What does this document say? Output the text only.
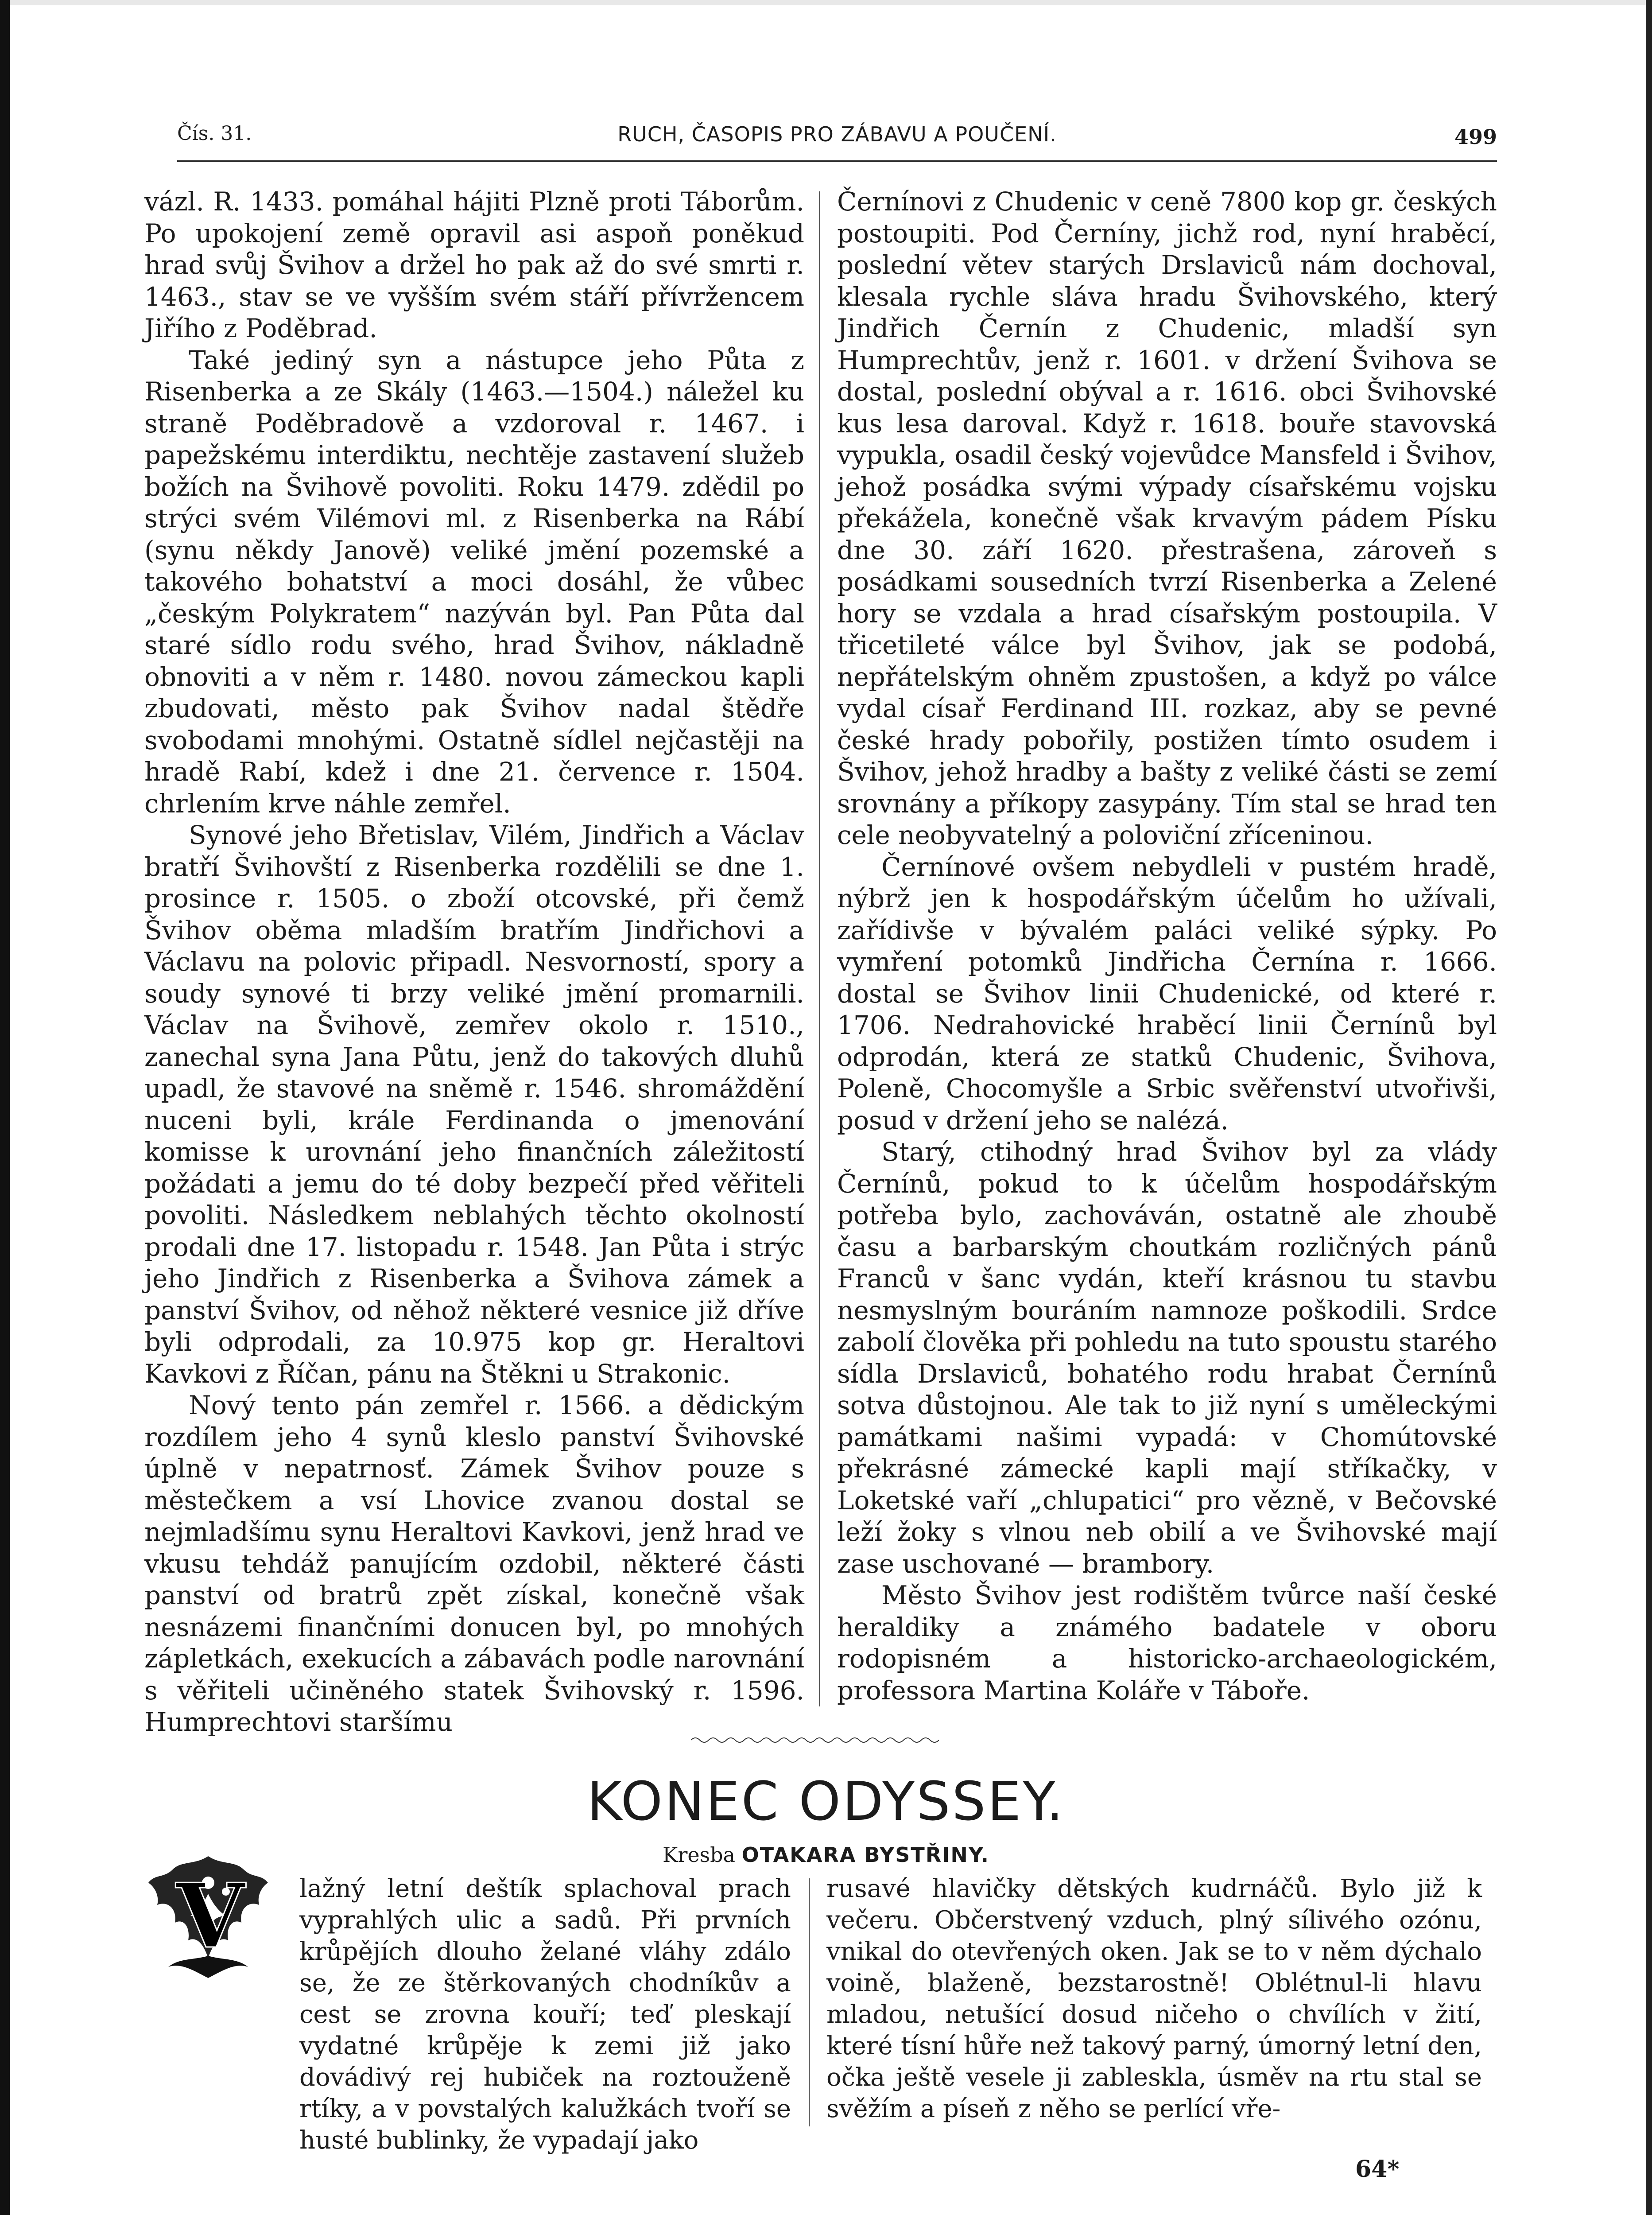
Čís. 31.	RUCH, ČASOPIS PRO ZÁBAVU A POUČENÍ.	499

vázl. R. 1433. pomáhal hájiti Plzně proti Táborům. Po upokojení země opravil asi aspoň poněkud hrad svůj Švihov a držel ho pak až do své smrti r. 1463., stav se ve vyšším svém stáří přívržencem Jiřího z Poděbrad.

Také jediný syn a nástupce jeho Půta z Risenberka a ze Skály (1463.—1504.) náležel ku straně Poděbradově a vzdoroval r. 1467. i papežskému interdiktu, nechtěje zastavení služeb božích na Švihově povoliti. Roku 1479. zdědil po strýci svém Vilémovi ml. z Risenberka na Rábí (synu někdy Janově) veliké jmění pozemské a takového bohatství a moci dosáhl, že vůbec „českým Polykratem“ nazýván byl. Pan Půta dal staré sídlo rodu svého, hrad Švihov, nákladně obnoviti a v něm r. 1480. novou zámeckou kapli zbudovati, město pak Švihov nadal štědře svobodami mnohými. Ostatně sídlel nejčastěji na hradě Rabí, kdež i dne 21. července r. 1504. chrlením krve náhle zemřel.

Synové jeho Břetislav, Vilém, Jindřich a Václav bratří Švihovští z Risenberka rozdělili se dne 1. prosince r. 1505. o zboží otcovské, při čemž Švihov oběma mladším bratřím Jindřichovi a Václavu na polovic připadl. Nesvorností, spory a soudy synové ti brzy veliké jmění promarnili. Václav na Švihově, zemřev okolo r. 1510., zanechal syna Jana Půtu, jenž do takových dluhů upadl, že stavové na sněmě r. 1546. shromáždění nuceni byli, krále Ferdinanda o jmenování komisse k urovnání jeho finančních záležitostí požádati a jemu do té doby bezpečí před věřiteli povoliti. Následkem neblahých těchto okolností prodali dne 17. listopadu r. 1548. Jan Půta i strýc jeho Jindřich z Risenberka a Švihova zámek a panství Švihov, od něhož některé vesnice již dříve byli odprodali, za 10.975 kop gr. Heraltovi Kavkovi z Říčan, pánu na Štěkni u Strakonic.

Nový tento pán zemřel r. 1566. a dědickým rozdílem jeho 4 synů kleslo panství Švihovské úplně v nepatrnosť. Zámek Švihov pouze s městečkem a vsí Lhovice zvanou dostal se nejmladšímu synu Heraltovi Kavkovi, jenž hrad ve vkusu tehdáž panujícím ozdobil, některé části panství od bratrů zpět získal, konečně však nesnázemi finančními donucen byl, po mnohých zápletkách, exekucích a zábavách podle narovnání s věřiteli učiněného statek Švihovský r. 1596. Humprechtovi staršímu

Černínovi z Chudenic v ceně 7800 kop gr. českých postoupiti. Pod Černíny, jichž rod, nyní hraběcí, poslední větev starých Drslaviců nám dochoval, klesala rychle sláva hradu Švihovského, který Jindřich Černín z Chudenic, mladší syn Humprechtův, jenž r. 1601. v držení Švihova se dostal, poslední obýval a r. 1616. obci Švihovské kus lesa daroval. Když r. 1618. bouře stavovská vypukla, osadil český vojevůdce Mansfeld i Švihov, jehož posádka svými výpady císařskému vojsku překážela, konečně však krvavým pádem Písku dne 30. září 1620. přestrašena, zároveň s posádkami sousedních tvrzí Risenberka a Zelené hory se vzdala a hrad císařským postoupila. V třicetileté válce byl Švihov, jak se podobá, nepřátelským ohněm zpustošen, a když po válce vydal císař Ferdinand III. rozkaz, aby se pevné české hrady pobořily, postižen tímto osudem i Švihov, jehož hradby a bašty z veliké části se zemí srovnány a příkopy zasypány. Tím stal se hrad ten cele neobyvatelný a poloviční zříceninou.

Černínové ovšem nebydleli v pustém hradě, nýbrž jen k hospodářským účelům ho užívali, zařídivše v bývalém paláci veliké sýpky. Po vymření potomků Jindřicha Černína r. 1666. dostal se Švihov linii Chudenické, od které r. 1706. Nedrahovické hraběcí linii Černínů byl odprodán, která ze statků Chudenic, Švihova, Poleně, Chocomyšle a Srbic svěřenství utvořivši, posud v držení jeho se nalézá.

Starý, ctihodný hrad Švihov byl za vlády Černínů, pokud to k účelům hospodářským potřeba bylo, zachováván, ostatně ale zhoubě času a barbarským choutkám rozličných pánů Franců v šanc vydán, kteří krásnou tu stavbu nesmyslným bouráním namnoze poškodili. Srdce zabolí člověka při pohledu na tuto spoustu starého sídla Drslaviců, bohatého rodu hrabat Černínů sotva důstojnou. Ale tak to již nyní s uměleckými památkami našimi vypadá: v Chomútovské překrásné zámecké kapli mají stříkačky, v Loketské vaří „chlupatici“ pro vězně, v Bečovské leží žoky s vlnou neb obilí a ve Švihovské mají zase uschované — brambory.

Město Švihov jest rodištěm tvůrce naší české heraldiky a známého badatele v oboru rodopisném a historicko-archaeologickém, professora Martina Koláře v Táboře.

KONEC ODYSSEY.
Kresba OTAKARA BYSTŘINY.
V	lažný letní deštík splachoval prach vyprahlých ulic a sadů. Při prvních krůpějích dlouho želané vláhy zdálo se, že ze štěrkovaných chodníkův a cest se zrovna kouří; teď pleskají vydatné krůpěje k zemi již jako dovádivý rej hubiček na roztouženě rtíky, a v povstalých kalužkách tvoří se husté bublinky, že vypadají jako

rusavé hlavičky dětských kudrnáčů. Bylo již k večeru. Občerstvený vzduch, plný sílivého ozónu, vnikal do otevřených oken. Jak se to v něm dýchalo voině, blaženě, bezstarostně! Oblétnul-li hlavu mladou, netušící dosud ničeho o chvílích v žití, které tísní hůře než takový parný, úmorný letní den, očka ještě vesele ji zableskla, úsměv na rtu stal se svěžím a píseň z něho se perlící vře-

64*
